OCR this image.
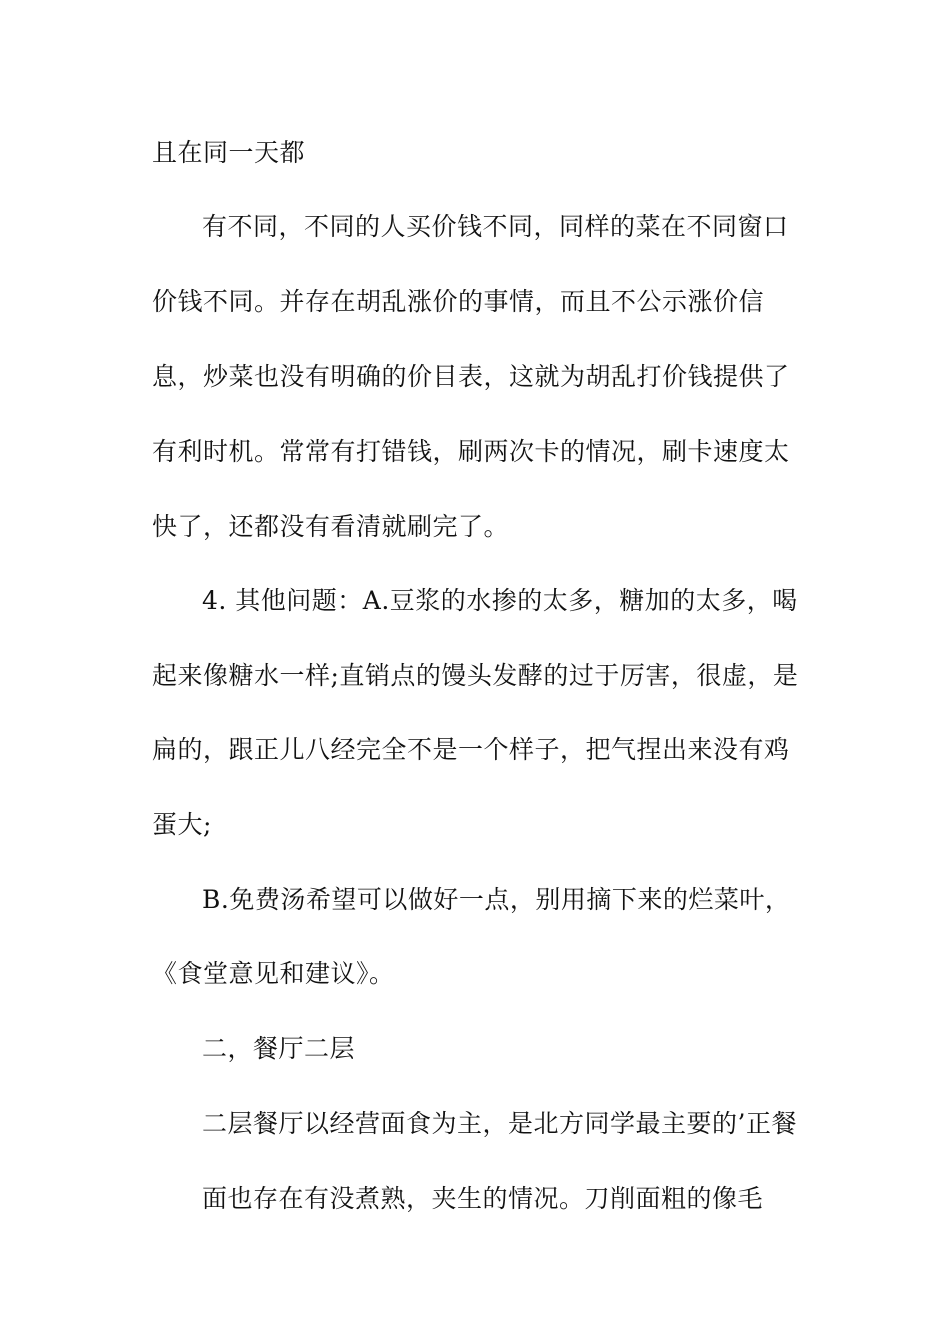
且在同一天都
有不同，不同的人买价钱不同，同样的菜在不同窗口
价钱不同。并存在胡乱涨价的事情，而且不公示涨价信
息，炒菜也没有明确的价目表，这就为胡乱打价钱提供了
有利时机。常常有打错钱，刷两次卡的情况，刷卡速度太
快了，还都没有看清就刷完了。
4. 其他问题：A.豆浆的水掺的太多，糖加的太多，喝
起来像糖水一样;直销点的馒头发酵的过于厉害，很虚，是
扁的，跟正儿八经完全不是一个样子，把气捏出来没有鸡
蛋大;
B.免费汤希望可以做好一点，别用摘下来的烂菜叶，
《食堂意见和建议》。
二，餐厅二层
二层餐厅以经营面食为主，是北方同学最主要的’正餐
面也存在有没煮熟，夹生的情况。刀削面粗的像毛
